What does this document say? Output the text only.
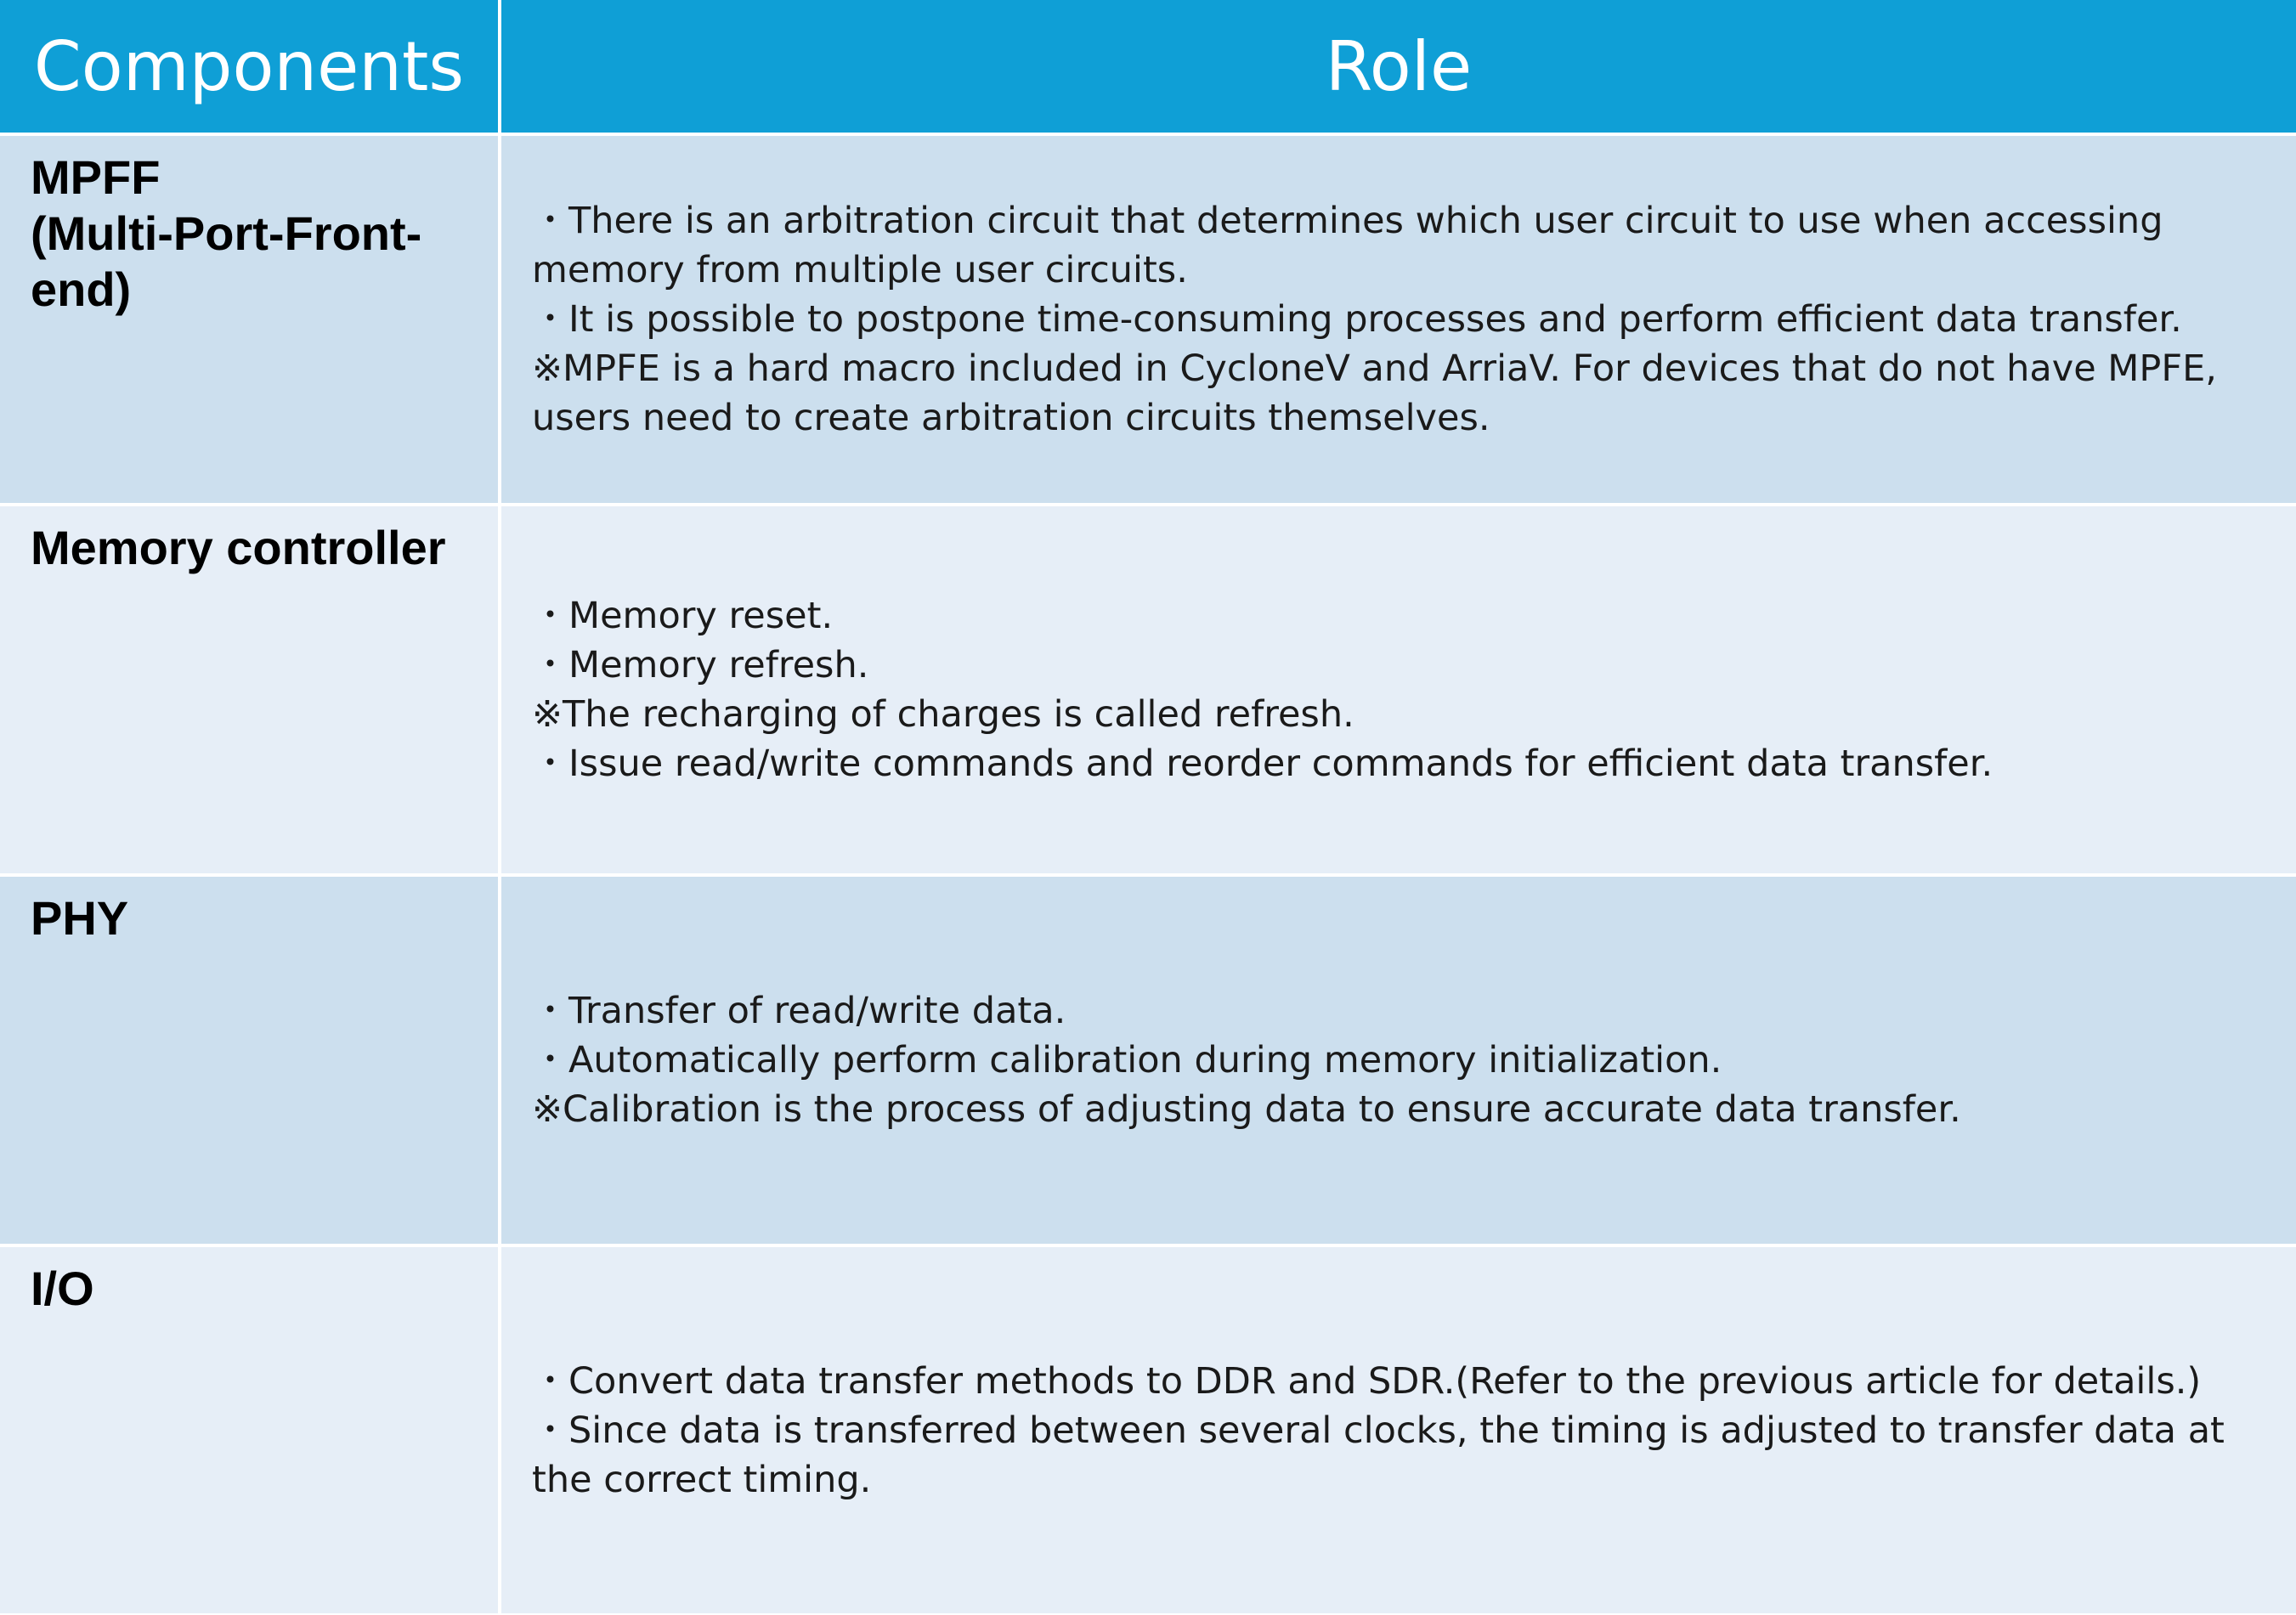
Components	Role
MPFF
(Multi-Port-Front-
end)
・There is an arbitration circuit that determines which user circuit to use when accessing memory from multiple user circuits.
・It is possible to postpone time-consuming processes and perform efficient data transfer.
※MPFE is a hard macro included in CycloneV and ArriaV. For devices that do not have MPFE, users need to create arbitration circuits themselves.
Memory controller
・Memory reset.
・Memory refresh.
※The recharging of charges is called refresh.
・Issue read/write commands and reorder commands for efficient data transfer.
PHY
・Transfer of read/write data.
・Automatically perform calibration during memory initialization.
※Calibration is the process of adjusting data to ensure accurate data transfer.
I/O
・Convert data transfer methods to DDR and SDR.(Refer to the previous article for details.)
・Since data is transferred between several clocks, the timing is adjusted to transfer data at the correct timing.
